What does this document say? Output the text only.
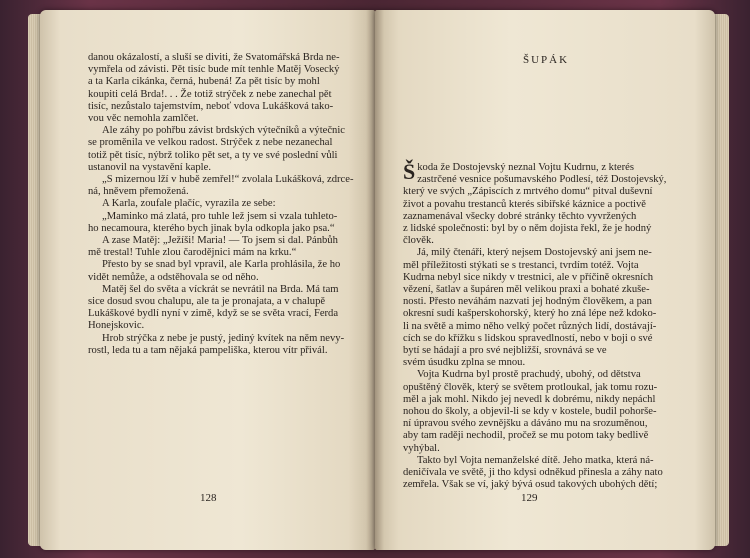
danou okázalostí, a sluší se diviti, že Svatomářská Brda ne-

vymřela od závisti. Pět tisíc bude mít tenhle Matěj Vosecký

a ta Karla cikánka, černá, hubená! Za pět tisíc by mohl

koupiti celá Brda!. . . Že totiž strýček z nebe zanechal pět

tisíc, nezůstalo tajemstvím, neboť vdova Lukášková tako-

vou věc nemohla zamlčet.

Ale záhy po pohřbu závist brdských výtečníků a výtečnic

se proměnila ve velkou radost. Strýček z nebe nezanechal

totiž pět tisíc, nýbrž toliko pět set, a ty ve své poslední vůli

ustanovil na vystavění kaple.

„S mizernou lží v hubě zemřel!“ zvolala Lukášková, zdrce-

ná, hněvem přemožená.

A Karla, zoufale plačíc, vyrazila ze sebe:

„Maminko má zlatá, pro tuhle lež jsem si vzala tuhleto-

ho necamoura, kterého bych jinak byla odkopla jako psa.“

A zase Matěj: „Ježíši! Maria! — To jsem si dal. Pánbůh

mě trestal! Tuhle zlou čarodějnici mám na krku.“

Přesto by se snad byl vpravil, ale Karla prohlásila, že ho

vidět nemůže, a odstěhovala se od něho.

Matěj šel do světa a víckrát se nevrátil na Brda. Má tam

sice dosud svou chalupu, ale ta je pronajata, a v chalupě

Lukáškové bydlí nyní v zimě, když se se světa vrací, Ferda

Honejskovic.

Hrob strýčka z nebe je pustý, jediný kvítek na něm nevy-

rostl, leda tu a tam nějaká pampeliška, kterou vítr přivál.

128
ŠUPÁK

Škoda že Dostojevský neznal Vojtu Kudrnu, z kterés

zastrčené vesnice pošumavského Podlesí, též Dostojevský,

který ve svých „Zápiscích z mrtvého domu“ pitval duševní

život a povahu trestanců kterés sibiřské káznice a poctivě

zaznamenával všecky dobré stránky těchto vyvržených

z lidské společnosti: byl by o něm dojista řekl, že je hodný

člověk.

Já, milý čtenáři, který nejsem Dostojevský ani jsem ne-

měl příležitosti stýkati se s trestanci, tvrdím totéž. Vojta

Kudrna nebyl sice nikdy v trestnici, ale v příčině okresních

vězení, šatlav a šupáren měl velikou praxi a bohaté zkuše-

nosti. Přesto neváhám nazvati jej hodným člověkem, a pan

okresní sudí kašperskohorský, který ho zná lépe než kdoko-

li na světě a mimo něho velký počet různých lidí, dostávají-

cích se do křížku s lidskou spravedlností, nebo v boji o své

bytí se hádají a pro své nejbližší, srovnává se ve

svém úsudku zplna se mnou.

Vojta Kudrna byl prostě prachudý, ubohý, od dětstva

opuštěný člověk, který se světem protloukal, jak tomu rozu-

měl a jak mohl. Nikdo jej nevedl k dobrému, nikdy nepáchl

nohou do školy, a objevil-li se kdy v kostele, budil pohorše-

ní úpravou svého zevnějšku a dáváno mu na srozuměnou,

aby tam raději nechodil, pročež se mu potom taky bedlivě

vyhýbal.

Takto byl Vojta nemanželské dítě. Jeho matka, která ná-

deničívala ve světě, ji tho kdysi odněkud přinesla a záhy nato

zemřela. Však se ví, jaký bývá osud takových ubohých dětí;

129
